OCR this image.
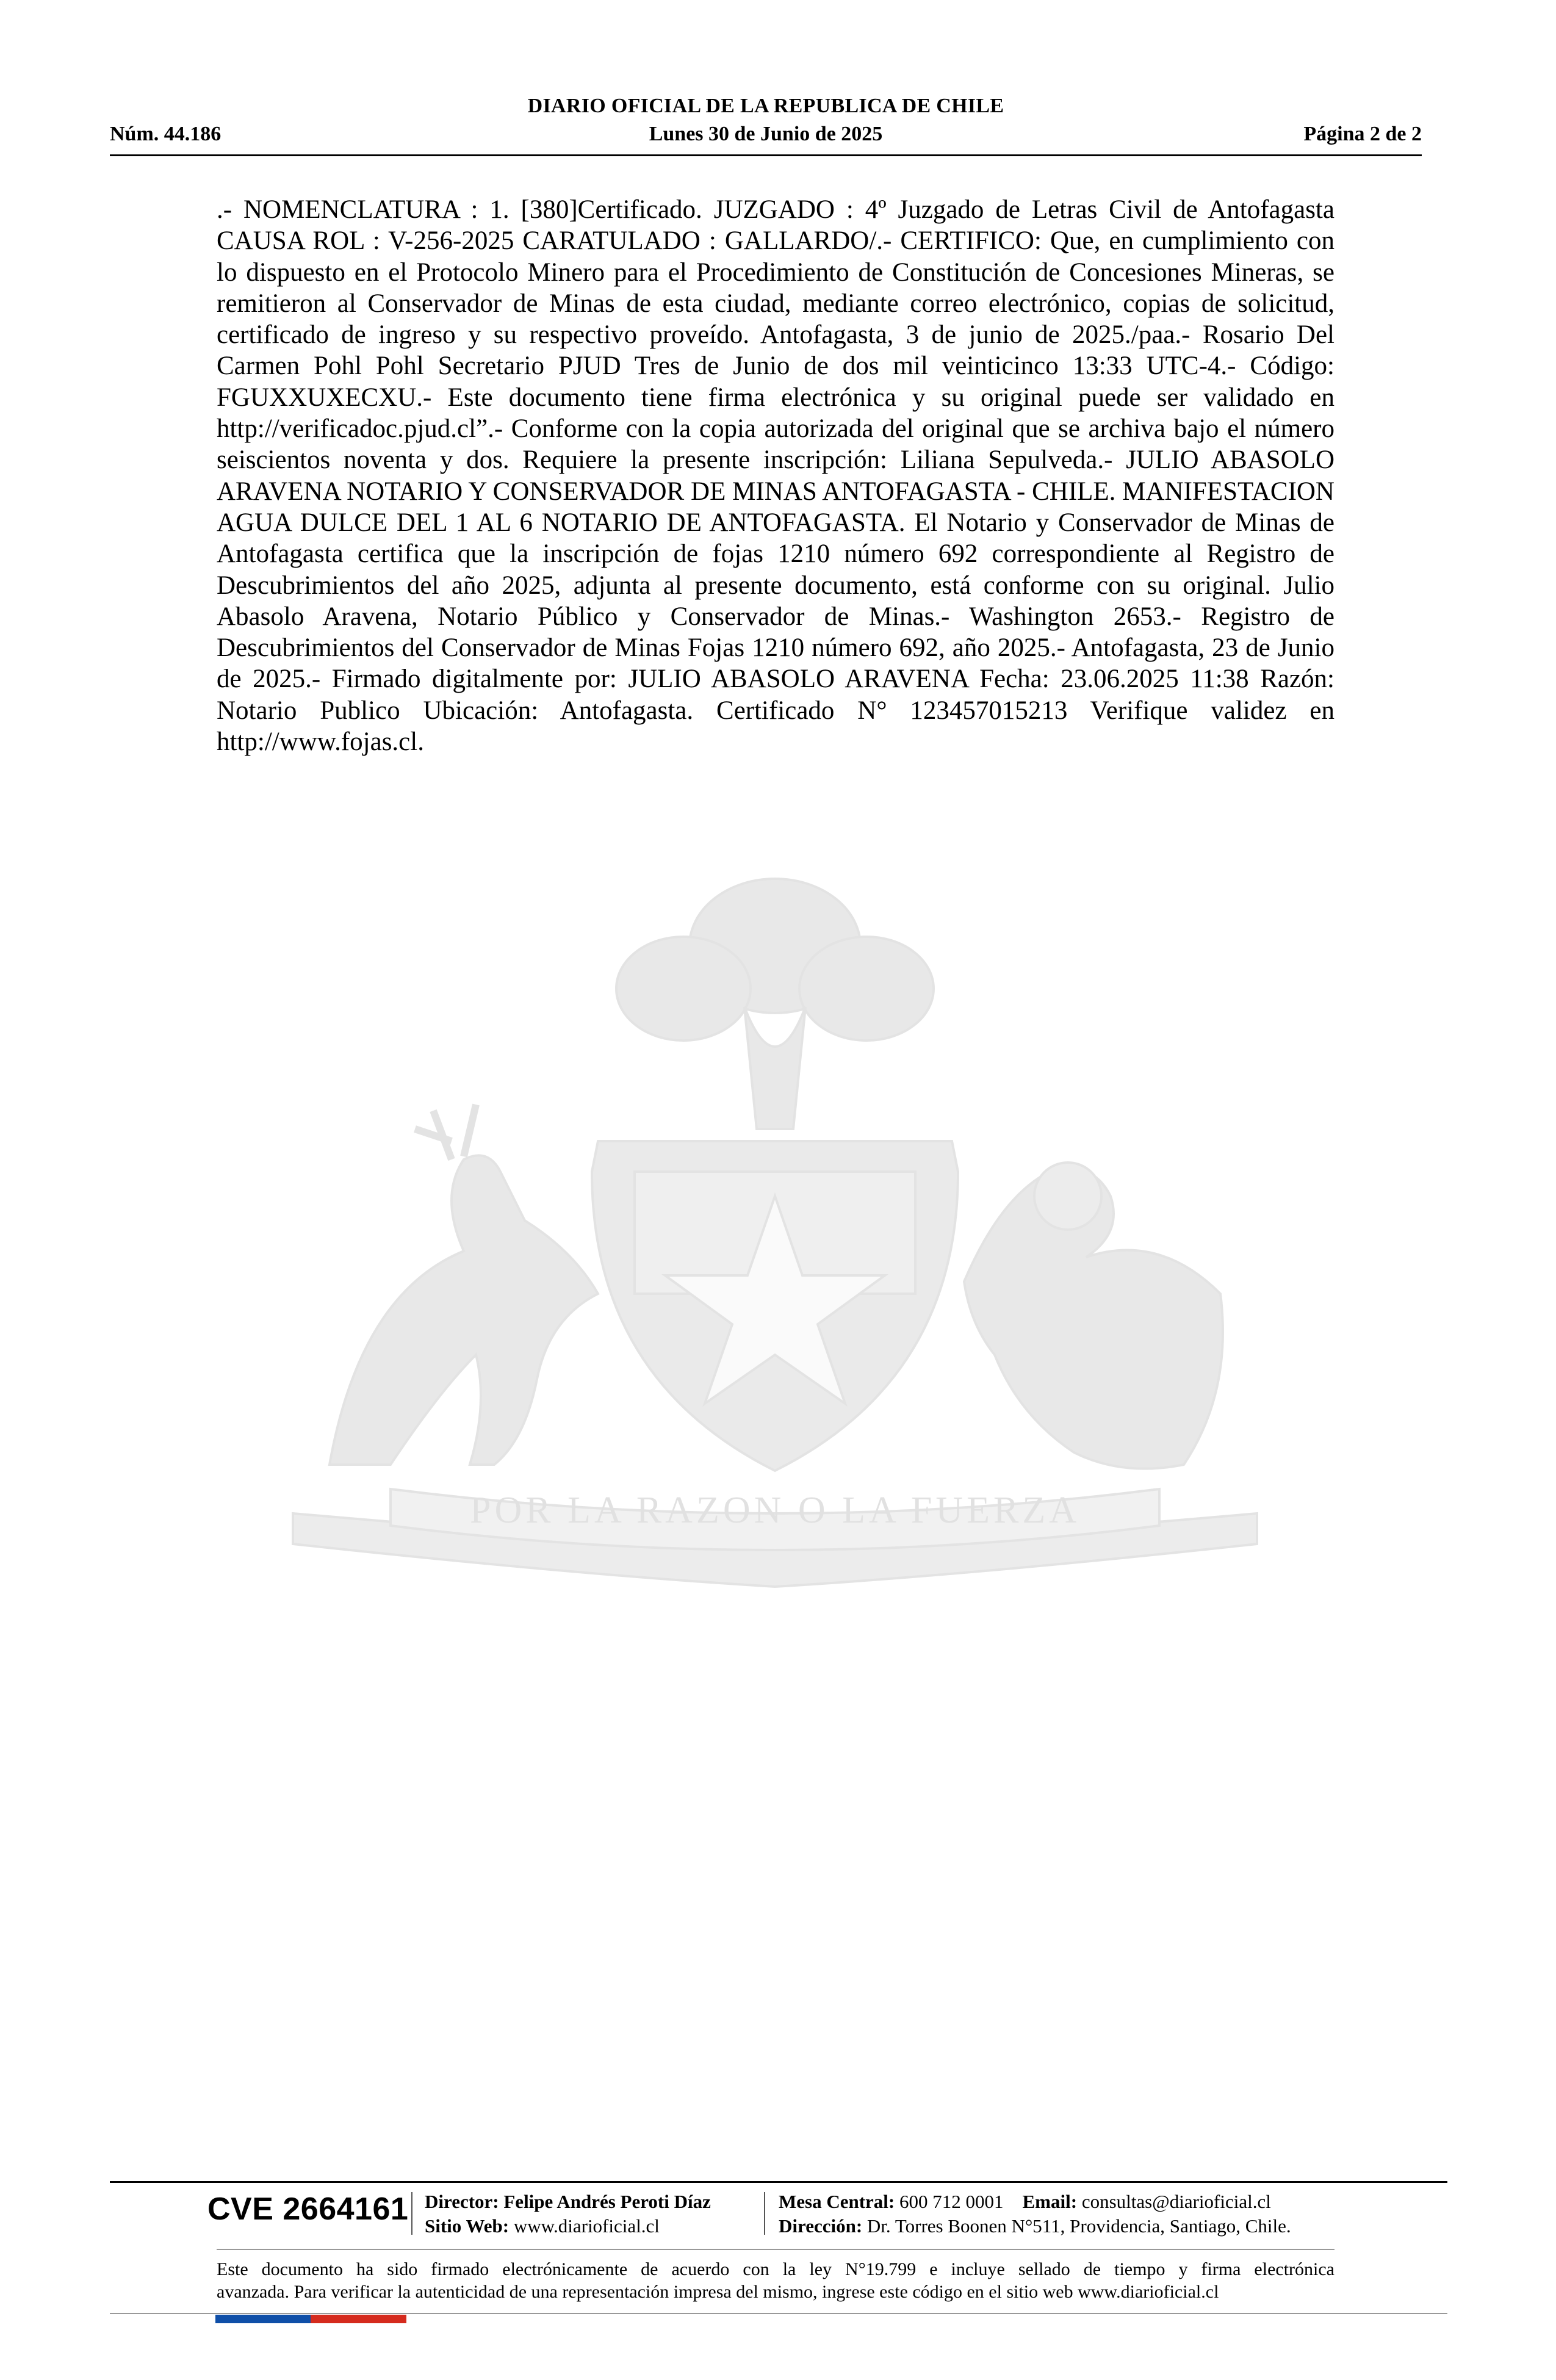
DIARIO OFICIAL DE LA REPUBLICA DE CHILE
Núm. 44.186	Lunes 30 de Junio de 2025	Página 2 de 2
POR LA RAZON O LA FUERZA
.- NOMENCLATURA : 1. [380]Certificado. JUZGADO : 4º Juzgado de Letras Civil de Antofagasta CAUSA ROL : V-256-2025 CARATULADO : GALLARDO/.- CERTIFICO: Que, en cumplimiento con lo dispuesto en el Protocolo Minero para el Procedimiento de Constitución de Concesiones Mineras, se remitieron al Conservador de Minas de esta ciudad, mediante correo electrónico, copias de solicitud, certificado de ingreso y su respectivo proveído. Antofagasta, 3 de junio de 2025./paa.- Rosario Del Carmen Pohl Pohl Secretario PJUD Tres de Junio de dos mil veinticinco 13:33 UTC-4.- Código: FGUXXUXECXU.- Este documento tiene firma electrónica y su original puede ser validado en http://verificadoc.pjud.cl”.- Conforme con la copia autorizada del original que se archiva bajo el número seiscientos noventa y dos. Requiere la presente inscripción: Liliana Sepulveda.- JULIO ABASOLO ARAVENA NOTARIO Y CONSERVADOR DE MINAS ANTOFAGASTA - CHILE. MANIFESTACION AGUA DULCE DEL 1 AL 6 NOTARIO DE ANTOFAGASTA. El Notario y Conservador de Minas de Antofagasta certifica que la inscripción de fojas 1210 número 692 correspondiente al Registro de Descubrimientos del año 2025, adjunta al presente documento, está conforme con su original. Julio Abasolo Aravena, Notario Público y Conservador de Minas.- Washington 2653.- Registro de Descubrimientos del Conservador de Minas Fojas 1210 número 692, año 2025.- Antofagasta, 23 de Junio de 2025.- Firmado digitalmente por: JULIO ABASOLO ARAVENA Fecha: 23.06.2025 11:38 Razón: Notario Publico Ubicación: Antofagasta. Certificado N° 123457015213 Verifique validez en http://www.fojas.cl.
CVE 2664161 Director: Felipe Andrés Peroti Díaz
Sitio Web: www.diarioficial.cl
Mesa Central: 600 712 0001 Email: consultas@diarioficial.cl
Dirección: Dr. Torres Boonen N°511, Providencia, Santiago, Chile.
Este documento ha sido firmado electrónicamente de acuerdo con la ley N°19.799 e incluye sellado de tiempo y firma electrónica
avanzada. Para verificar la autenticidad de una representación impresa del mismo, ingrese este código en el sitio web www.diarioficial.cl
